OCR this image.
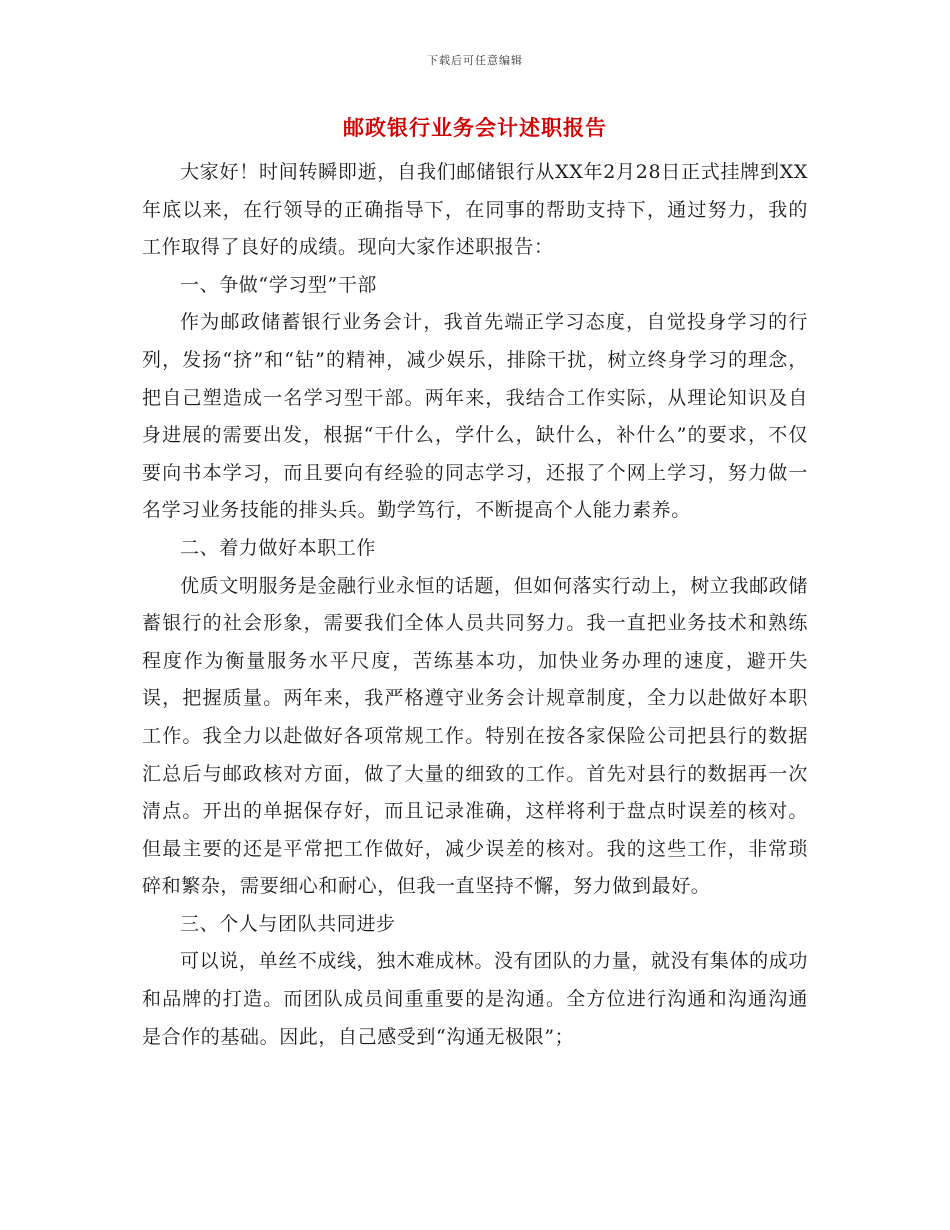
下载后可任意编辑
邮政银行业务会计述职报告

大家好！时间转瞬即逝，自我们邮储银行从XX年2月28日正式挂牌到XX年底以来，在行领导的正确指导下，在同事的帮助支持下，通过努力，我的工作取得了良好的成绩。现向大家作述职报告：

一、争做“学习型”干部

作为邮政储蓄银行业务会计，我首先端正学习态度，自觉投身学习的行列，发扬“挤”和“钻”的精神，减少娱乐，排除干扰，树立终身学习的理念，把自己塑造成一名学习型干部。两年来，我结合工作实际，从理论知识及自身进展的需要出发，根据“干什么，学什么，缺什么，补什么”的要求，不仅要向书本学习，而且要向有经验的同志学习，还报了个网上学习，努力做一名学习业务技能的排头兵。勤学笃行，不断提高个人能力素养。

二、着力做好本职工作

优质文明服务是金融行业永恒的话题，但如何落实行动上，树立我邮政储蓄银行的社会形象，需要我们全体人员共同努力。我一直把业务技术和熟练程度作为衡量服务水平尺度，苦练基本功，加快业务办理的速度，避开失误，把握质量。两年来，我严格遵守业务会计规章制度，全力以赴做好本职工作。我全力以赴做好各项常规工作。特别在按各家保险公司把县行的数据汇总后与邮政核对方面，做了大量的细致的工作。首先对县行的数据再一次清点。开出的单据保存好，而且记录准确，这样将利于盘点时误差的核对。但最主要的还是平常把工作做好，减少误差的核对。我的这些工作，非常琐碎和繁杂，需要细心和耐心，但我一直坚持不懈，努力做到最好。

三、个人与团队共同进步

可以说，单丝不成线，独木难成林。没有团队的力量，就没有集体的成功和品牌的打造。而团队成员间重重要的是沟通。全方位进行沟通和沟通沟通是合作的基础。因此，自己感受到“沟通无极限”；
